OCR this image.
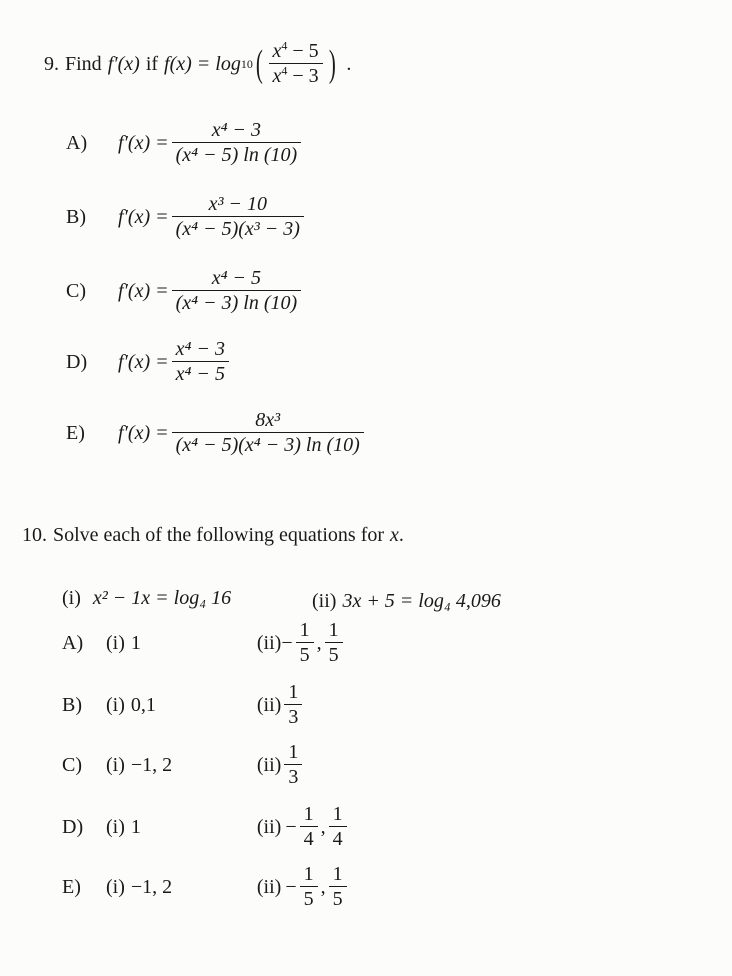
9. Find f′(x) if f(x) = log 10 ( $\frac{x^4 - 5}{x^4 - 3}$ ) .
A)	$f'(x) = \frac{\text{x⁴ − 3}}{\text{(x⁴ − 5) ln (10)}}$
B)	$f'(x) = \frac{\text{x³ − 10}}{\text{(x⁴ − 5)(x³ − 3)}}$
C)	$f'(x) = \frac{\text{x⁴ − 5}}{\text{(x⁴ − 3) ln (10)}}$
D)	$f'(x) = \frac{\text{x⁴ − 3}}{\text{x⁴ − 5}}$
E)	$f'(x) = \frac{\text{8x³}}{\text{(x⁴ − 5)(x⁴ − 3) ln (10)}}$
10. Solve each of the following equations for x .
(i) x² − 1x = log₄ 16	(ii) 3x + 5 = log₄ 4,096
A)	(i) 1	$(ii) - \frac{1}{5}$ , $\frac{1}{5}$
B)	(i) 0,1	$(ii) \frac{1}{3}$
C)	(i) −1, 2	$(ii) \frac{1}{3}$
D)	(i) 1	$(ii) - \frac{1}{4}$ , $\frac{1}{4}$
E)	(i) −1, 2	$(ii) - \frac{1}{5}$ , $\frac{1}{5}$
